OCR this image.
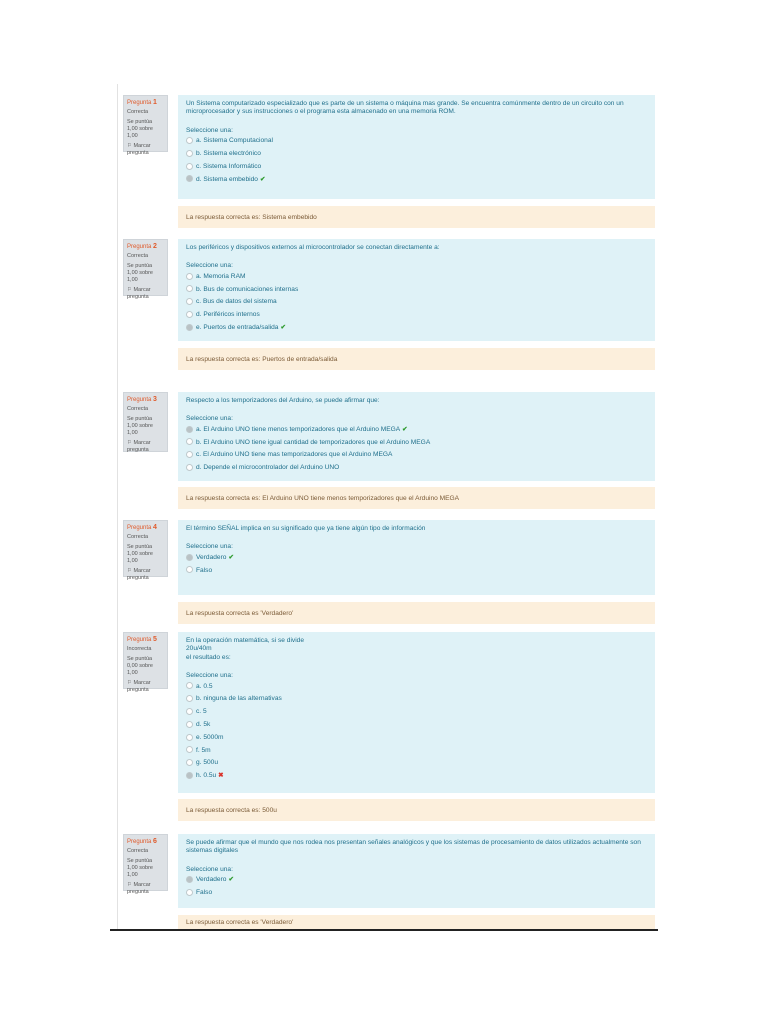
Pregunta 1
Correcta
Se puntúa 1,00 sobre 1,00
⚐ Marcar pregunta
Un Sistema computarizado especializado que es parte de un sistema o máquina mas grande. Se encuentra comúnmente dentro de un circuito con un microprocesador y sus instrucciones o el programa esta almacenado en una memoria ROM.
Seleccione una:
a. Sistema Computacional
b. Sistema electrónico
c. Sistema Informático
d. Sistema embebido ✔
La respuesta correcta es: Sistema embebido
Pregunta 2
Correcta
Se puntúa 1,00 sobre 1,00
⚐ Marcar pregunta
Los periféricos y dispositivos externos al microcontrolador se conectan directamente a:
Seleccione una:
a. Memoria RAM
b. Bus de comunicaciones internas
c. Bus de datos del sistema
d. Periféricos internos
e. Puertos de entrada/salida ✔
La respuesta correcta es: Puertos de entrada/salida
Pregunta 3
Correcta
Se puntúa 1,00 sobre 1,00
⚐ Marcar pregunta
Respecto a los temporizadores del Arduino, se puede afirmar que:
Seleccione una:
a. El Arduino UNO tiene menos temporizadores que el Arduino MEGA ✔
b. El Arduino UNO tiene igual cantidad de temporizadores que el Arduino MEGA
c. El Arduino UNO tiene mas temporizadores que el Arduino MEGA
d. Depende el microcontrolador del Arduino UNO
La respuesta correcta es: El Arduino UNO tiene menos temporizadores que el Arduino MEGA
Pregunta 4
Correcta
Se puntúa 1,00 sobre 1,00
⚐ Marcar pregunta
El término SEÑAL implica en su significado que ya tiene algún tipo de información
Seleccione una:
Verdadero ✔
Falso
La respuesta correcta es 'Verdadero'
Pregunta 5
Incorrecta
Se puntúa 0,00 sobre 1,00
⚐ Marcar pregunta
En la operación matemática, si se divide
20u/40m
el resultado es:
Seleccione una:
a. 0.5
b. ninguna de las alternativas
c. 5
d. 5k
e. 5000m
f. 5m
g. 500u
h. 0.5u ✖
La respuesta correcta es: 500u
Pregunta 6
Correcta
Se puntúa 1,00 sobre 1,00
⚐ Marcar pregunta
Se puede afirmar que el mundo que nos rodea nos presentan señales analógicos y que los sistemas de procesamiento de datos utilizados actualmente son sistemas digitales
Seleccione una:
Verdadero ✔
Falso
La respuesta correcta es 'Verdadero'
